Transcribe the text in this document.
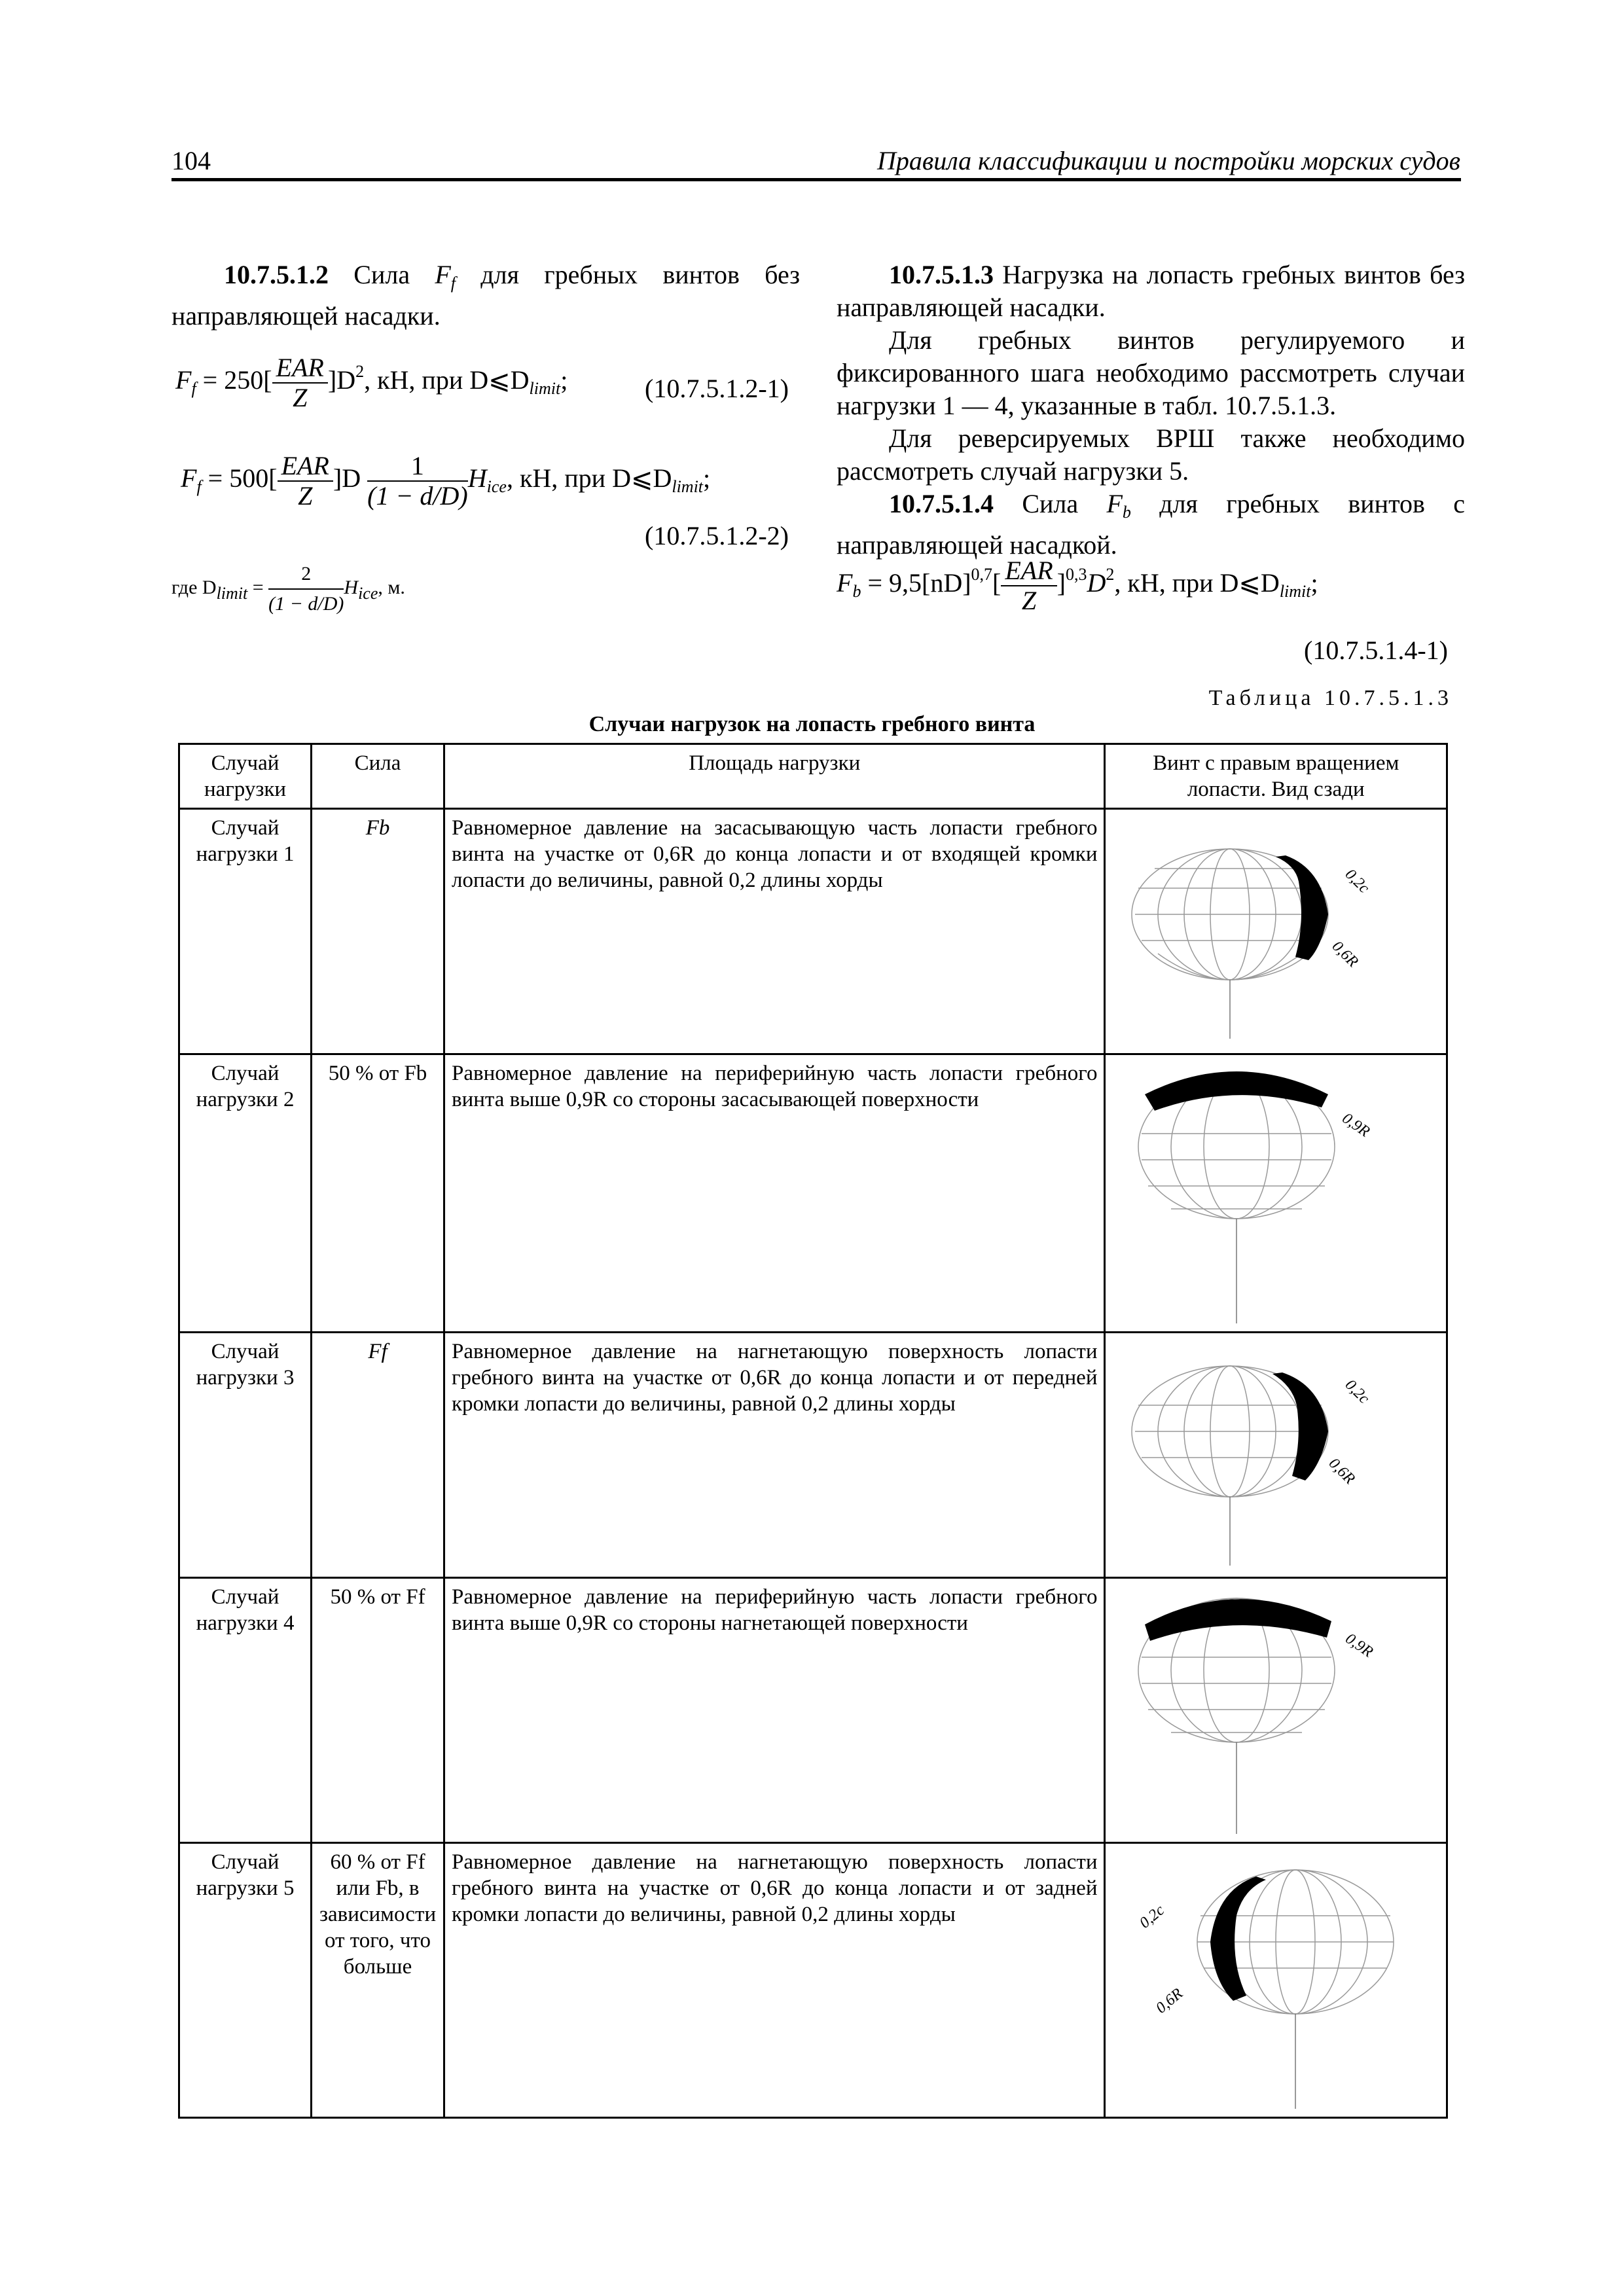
104	Правила классификации и постройки морских судов

10.7.5.1.2 Сила $F_f$ для гребных винтов без направляющей насадки.

$F_f = 250[ \frac{\text{EAR}}{Z} ]D^2$, кН, при $D⩽D_{limit}$;	(10.7.5.1.2-1)
$F_f = 500[ \frac{\text{EAR}}{Z} ]D \frac{1}{(1 - d/D)} H_{ice}$, кН, при $D⩽D_{limit}$;
(10.7.5.1.2-2)
где Dlimit = $\frac{2}{(1 - d/D)}$ Hice, м.

10.7.5.1.3 Нагрузка на лопасть гребных винтов без направляющей насадки.

Для гребных винтов регулируемого и фиксированного шага необходимо рассмотреть случаи нагрузки 1 — 4, указанные в табл. 10.7.5.1.3.

Для реверсируемых ВРШ также необходимо рассмотреть случай нагрузки 5.

10.7.5.1.4 Сила $F_b$ для гребных винтов с направляющей насадкой.

$F_b = 9,5[nD]^{0,7}[ \frac{\text{EAR}}{Z} ]^{0,3}D^2$, кН, при $D⩽D_{limit}$;
(10.7.5.1.4-1)
Таблица 10.7.5.1.3
Случаи нагрузок на лопасть гребного винта
Случай нагрузки	Сила	Площадь нагрузки	Винт с правым вращением лопасти. Вид сзади
Случай нагрузки 1	Fb	Равномерное давление на засасывающую часть лопасти гребного винта на участке от 0,6R до конца лопасти и от входящей кромки лопасти до величины, равной 0,2 длины хорды	0,2c
0,6R

Случай нагрузки 2	50 % от Fb	Равномерное давление на периферийную часть лопасти гребного винта выше 0,9R со стороны засасывающей поверхности	0,9R

Случай нагрузки 3	Ff	Равномерное давление на нагнетающую поверхность лопасти гребного винта на участке от 0,6R до конца лопасти и от передней кромки лопасти до величины, равной 0,2 длины хорды	0,2c
0,6R

Случай нагрузки 4	50 % от Ff	Равномерное давление на периферийную часть лопасти гребного винта выше 0,9R со стороны нагнетающей поверхности	0,9R

Случай нагрузки 5	60 % от Ff или Fb, в зависимости от того, что больше	Равномерное давление на нагнетающую поверхность лопасти гребного винта на участке от 0,6R до конца лопасти и от задней кромки лопасти до величины, равной 0,2 длины хорды	0,2c
0,6R
